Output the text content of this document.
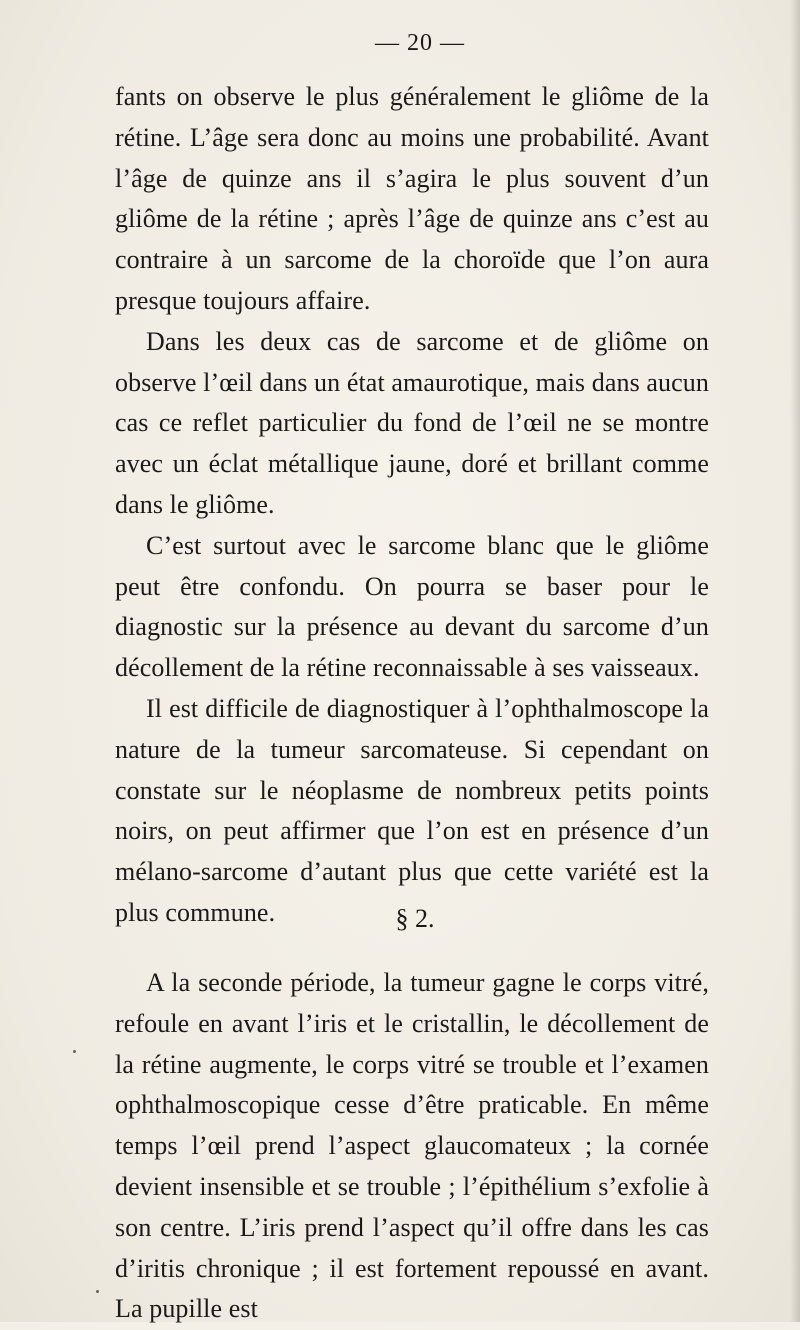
— 20 —

fants on observe le plus généralement le gliôme de la rétine. L’âge sera donc au moins une probabilité. Avant l’âge de quinze ans il s’agira le plus souvent d’un gliôme de la rétine ; après l’âge de quinze ans c’est au contraire à un sarcome de la choroïde que l’on aura presque toujours affaire.

Dans les deux cas de sarcome et de gliôme on observe l’œil dans un état amaurotique, mais dans aucun cas ce reflet particulier du fond de l’œil ne se montre avec un éclat métallique jaune, doré et brillant comme dans le gliôme.

C’est surtout avec le sarcome blanc que le gliôme peut être confondu. On pourra se baser pour le diagnostic sur la présence au devant du sarcome d’un décollement de la rétine reconnaissable à ses vaisseaux.

Il est difficile de diagnostiquer à l’ophthalmoscope la nature de la tumeur sarcomateuse. Si cependant on constate sur le néoplasme de nombreux petits points noirs, on peut affirmer que l’on est en présence d’un mélano-sarcome d’autant plus que cette variété est la plus commune.	§ 2.

A la seconde période, la tumeur gagne le corps vitré, refoule en avant l’iris et le cristallin, le décollement de la rétine augmente, le corps vitré se trouble et l’examen ophthalmoscopique cesse d’être praticable. En même temps l’œil prend l’aspect glaucomateux ; la cornée devient insensible et se trouble ; l’épithélium s’exfolie à son centre. L’iris prend l’aspect qu’il offre dans les cas d’iritis chronique ; il est fortement repoussé en avant. La pupille est
